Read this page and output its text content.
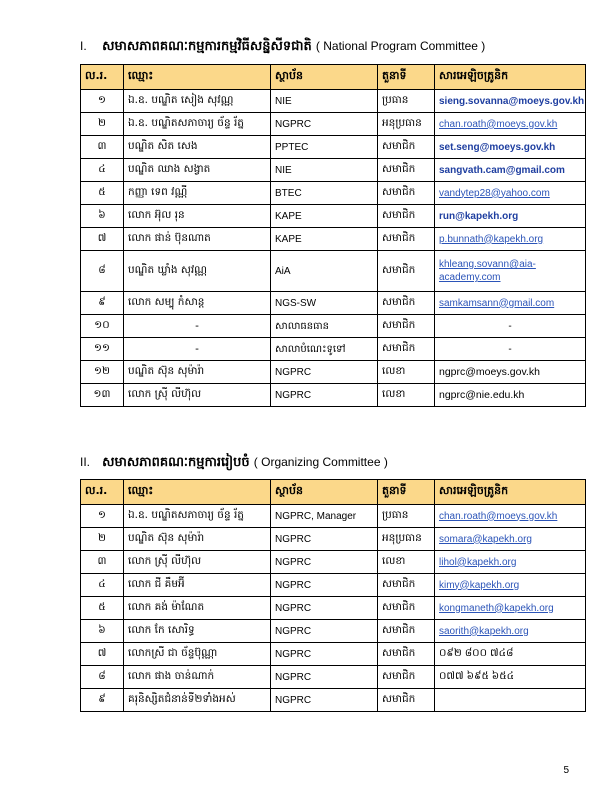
I. សមាសភាពគណៈកម្មការកម្មវិធីសន្និសីទជាតិ ( National Program Committee )
ល.រ.	ឈ្មោះ	ស្ថាប័ន	តួនាទី	សារអេឡិចត្រូនិក
១	ឯ.ឧ. បណ្ឌិត សៀង សុវណ្ណ	NIE	ប្រធាន	sieng.sovanna@moeys.gov.kh
២	ឯ.ឧ. បណ្ឌិតសភាចារ្យ ច័ន្ទ រ័ត្ន	NGPRC	អនុប្រធាន	chan.roath@moeys.gov.kh
៣	បណ្ឌិត សិត សេង	PPTEC	សមាជិក	set.seng@moeys.gov.kh
៤	បណ្ឌិត ឈាង សង្វាត	NIE	សមាជិក	sangvath.cam@gmail.com
៥	កញ្ញា ទេព វណ្ណី	BTEC	សមាជិក	vandytep28@yahoo.com
៦	លោក អ៊ុល រុន	KAPE	សមាជិក	run@kapekh.org
៧	លោក ផាន់ ប៊ុនណាត	KAPE	សមាជិក	p.bunnath@kapekh.org
៨	បណ្ឌិត ឃ្លាំង សុវណ្ណ	AiA	សមាជិក	khleang.sovann@aia-academy.com

៩	លោក សម្បុ កំសាន្ត	NGS-SW	សមាជិក	samkamsann@gmail.com
១០	-	សាលាធនធាន	សមាជិក	-
១១	-	សាលាបំណេះទូទៅ	សមាជិក	-
១២	បណ្ឌិត ស៊ុន សុម៉ារ៉ា	NGPRC	លេខា	ngprc@moeys.gov.kh
១៣	លោក ស្រ៊ី លីហ៊ុល	NGPRC	លេខា	ngprc@nie.edu.kh
II. សមាសភាពគណៈកម្មការរៀបចំ ( Organizing Committee )
ល.រ.	ឈ្មោះ	ស្ថាប័ន	តួនាទី	សារអេឡិចត្រូនិក
១	ឯ.ឧ. បណ្ឌិតសភាចារ្យ ច័ន្ទ រ័ត្ន	NGPRC, Manager	ប្រធាន	chan.roath@moeys.gov.kh
២	បណ្ឌិត ស៊ុន សុម៉ារ៉ា	NGPRC	អនុប្រធាន	somara@kapekh.org
៣	លោក ស្រ៊ី លីហ៊ុល	NGPRC	លេខា	lihol@kapekh.org
៤	លោក ជី គឹមអ៊ី	NGPRC	សមាជិក	kimy@kapekh.org
៥	លោក គង់ ម៉ាណែត	NGPRC	សមាជិក	kongmaneth@kapekh.org
៦	លោក កែ សោរិទ្ធ	NGPRC	សមាជិក	saorith@kapekh.org
៧	លោកស្រី ជា ច័ន្ទប៊ុណ្ណា	NGPRC	សមាជិក	០៩២ ៨០០ ៧៤៨
៨	លោក ផាង ចាន់ណាក់	NGPRC	សមាជិក	០៧៧ ៦៩៥ ៦៥៤
៩	គរុនិស្សិតជំនាន់ទី២ទាំងអស់	NGPRC	សមាជិក	
5
